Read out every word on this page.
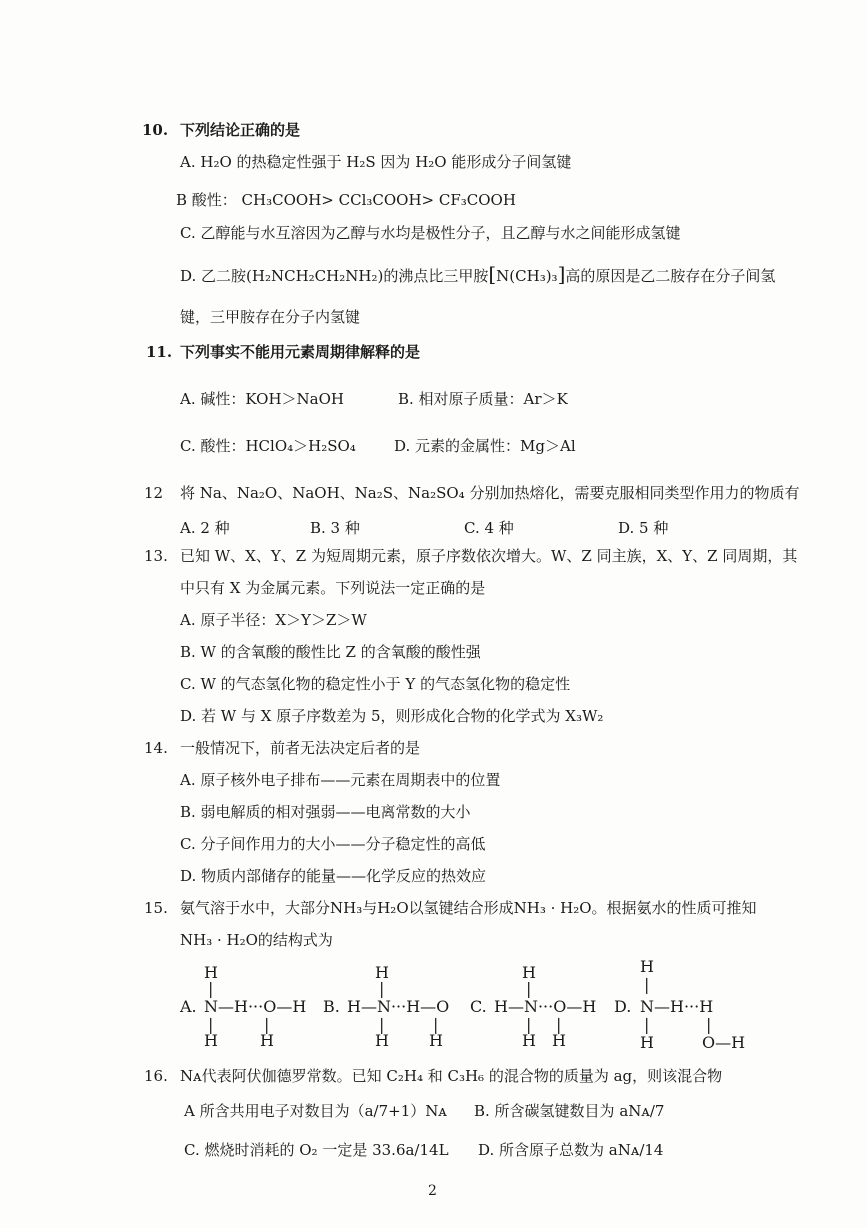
10. 下列结论正确的是
A. H₂O 的热稳定性强于 H₂S 因为 H₂O 能形成分子间氢键
B 酸性： CH₃COOH> CCl₃COOH> CF₃COOH
C. 乙醇能与水互溶因为乙醇与水均是极性分子，且乙醇与水之间能形成氢键
D. 乙二胺(H₂NCH₂CH₂NH₂)的沸点比三甲胺[N(CH₃)₃]高的原因是乙二胺存在分子间氢
键，三甲胺存在分子内氢键
11. 下列事实不能用元素周期律解释的是
A. 碱性：KOH＞NaOH	B. 相对原子质量：Ar＞K
C. 酸性：HClO₄＞H₂SO₄	D. 元素的金属性：Mg＞Al
12 将 Na、Na₂O、NaOH、Na₂S、Na₂SO₄ 分别加热熔化，需要克服相同类型作用力的物质有
A. 2 种	B. 3 种	C. 4 种	D. 5 种
13. 已知 W、X、Y、Z 为短周期元素，原子序数依次增大。W、Z 同主族，X、Y、Z 同周期，其
中只有 X 为金属元素。下列说法一定正确的是
A. 原子半径：X＞Y＞Z＞W
B. W 的含氧酸的酸性比 Z 的含氧酸的酸性强
C. W 的气态氢化物的稳定性小于 Y 的气态氢化物的稳定性
D. 若 W 与 X 原子序数差为 5，则形成化合物的化学式为 X₃W₂
14. 一般情况下，前者无法决定后者的是
A. 原子核外电子排布——元素在周期表中的位置
B. 弱电解质的相对强弱——电离常数的大小
C. 分子间作用力的大小——分子稳定性的高低
D. 物质内部储存的能量——化学反应的热效应
15. 氨气溶于水中，大部分NH₃与H₂O以氢键结合形成NH₃ · H₂O。根据氨水的性质可推知
NH₃ · H₂O的结构式为
A.
H
|
N—H···O—H
|
H
|
H
B.
H
|
H—N···H—O
|
H
|
H
C.
H
|
H—N···O—H
|
H
|
H
D.
H
|
N—H···H
|
H
|
O—H
16. Nᴀ代表阿伏伽德罗常数。已知 C₂H₄ 和 C₃H₆ 的混合物的质量为 ag，则该混合物
A 所含共用电子对数目为（a/7+1）Nᴀ B. 所含碳氢键数目为 aNᴀ/7
C. 燃烧时消耗的 O₂ 一定是 33.6a/14L D. 所含原子总数为 aNᴀ/14
2
